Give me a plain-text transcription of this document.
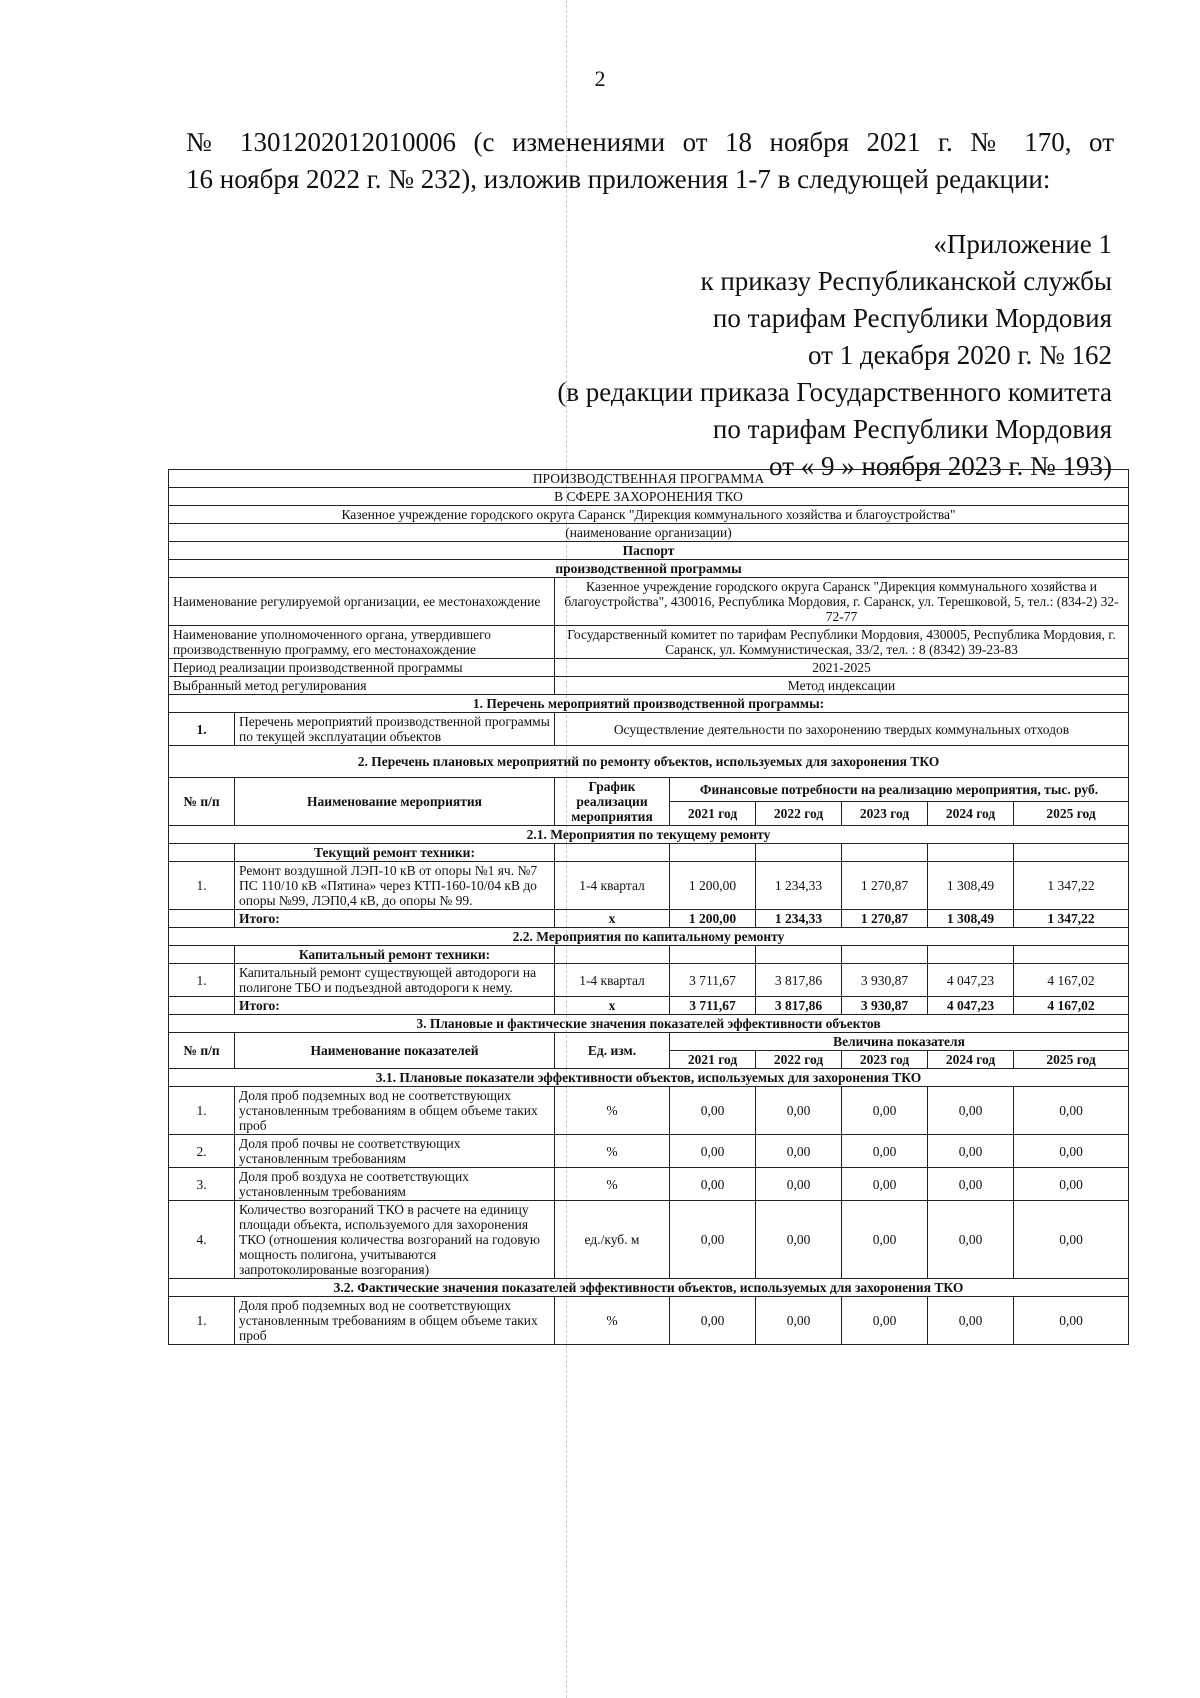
2
№ 1301202012010006 (с изменениями от 18 ноября 2021 г. № 170, от
16 ноября 2022 г. № 232), изложив приложения 1-7 в следующей редакции:
«Приложение 1
к приказу Республиканской службы
по тарифам Республики Мордовия
от 1 декабря 2020 г. № 162
(в редакции приказа Государственного комитета
по тарифам Республики Мордовия
от « 9 » ноября 2023 г. № 193)
ПРОИЗВОДСТВЕННАЯ ПРОГРАММА							
В СФЕРЕ ЗАХОРОНЕНИЯ ТКО							
Казенное учреждение городского округа Саранск "Дирекция коммунального хозяйства и благоустройства"							
(наименование организации)							
Паспорт							
производственной программы							
Наименование регулируемой организации, ее местонахождение		Казенное учреждение городского округа Саранск "Дирекция коммунального хозяйства и благоустройства", 430016, Республика Мордовия, г. Саранск, ул. Терешковой, 5, тел.: (834-2) 32-72-77					
Наименование уполномоченного органа, утвердившего производственную программу, его местонахождение		Государственный комитет по тарифам Республики Мордовия, 430005, Республика Мордовия, г. Саранск, ул. Коммунистическая, 33/2, тел. : 8 (8342) 39-23-83					
Период реализации производственной программы		2021-2025					
Выбранный метод регулирования		Метод индексации					
1. Перечень мероприятий производственной программы:							
1.	Перечень мероприятий производственной программы по текущей эксплуатации объектов	Осуществление деятельности по захоронению твердых коммунальных отходов					
2. Перечень плановых мероприятий по ремонту объектов, используемых для захоронения ТКО							
№ п/п	Наименование мероприятия	График реализации мероприятия	Финансовые потребности на реализацию мероприятия, тыс. руб.				
			2021 год	2022 год	2023 год	2024 год	2025 год
2.1. Мероприятия по текущему ремонту							
	Текущий ремонт техники:						
1.	Ремонт воздушной ЛЭП-10 кВ от опоры №1 яч. №7 ПС 110/10 кВ «Пятина» через КТП-160-10/04 кВ до опоры №99, ЛЭП0,4 кВ, до опоры № 99.	1-4 квартал	1 200,00	1 234,33	1 270,87	1 308,49	1 347,22
	Итого:	х	1 200,00	1 234,33	1 270,87	1 308,49	1 347,22
2.2. Мероприятия по капитальному ремонту							
	Капитальный ремонт техники:						
1.	Капитальный ремонт существующей автодороги на полигоне ТБО и подъездной автодороги к нему.	1-4 квартал	3 711,67	3 817,86	3 930,87	4 047,23	4 167,02
	Итого:	х	3 711,67	3 817,86	3 930,87	4 047,23	4 167,02
3. Плановые и фактические значения показателей эффективности объектов							
№ п/п	Наименование показателей	Ед. изм.	Величина показателя				
			2021 год	2022 год	2023 год	2024 год	2025 год
3.1. Плановые показатели эффективности объектов, используемых для захоронения ТКО							
1.	Доля проб подземных вод не соответствующих установленным требованиям в общем объеме таких проб	%	0,00	0,00	0,00	0,00	0,00
2.	Доля проб почвы не соответствующих установленным требованиям	%	0,00	0,00	0,00	0,00	0,00
3.	Доля проб воздуха не соответствующих установленным требованиям	%	0,00	0,00	0,00	0,00	0,00
4.	Количество возгораний ТКО в расчете на единицу площади объекта, используемого для захоронения ТКО (отношения количества возгораний на годовую мощность полигона, учитываются запротоколированые возгорания)	ед./куб. м	0,00	0,00	0,00	0,00	0,00
3.2. Фактические значения показателей эффективности объектов, используемых для захоронения ТКО							
1.	Доля проб подземных вод не соответствующих установленным требованиям в общем объеме таких проб	%	0,00	0,00	0,00	0,00	0,00
